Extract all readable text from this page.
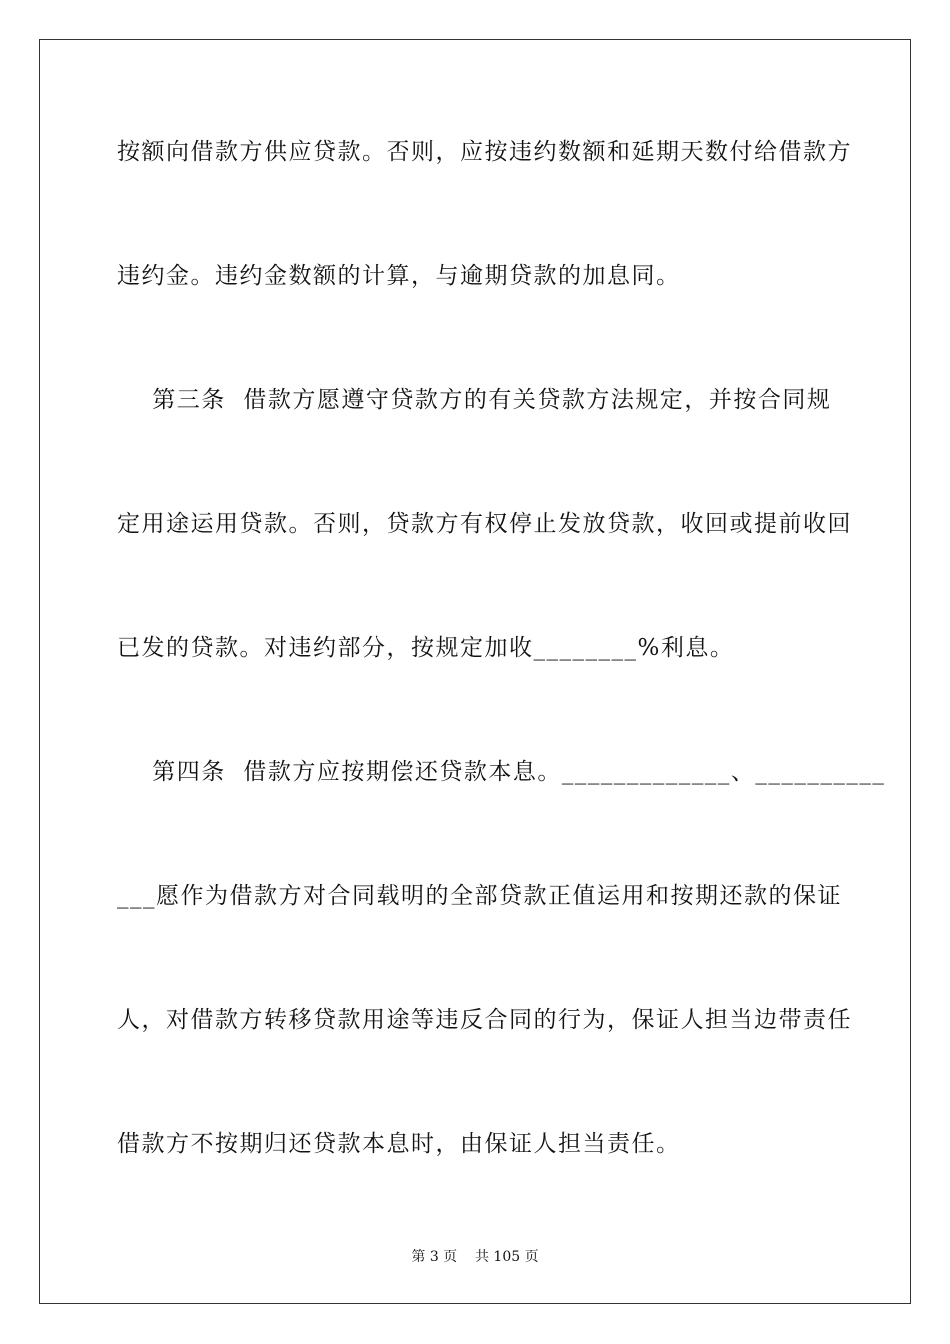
按额向借款方供应贷款。否则，应按违约数额和延期天数付给借款方
违约金。违约金数额的计算，与逾期贷款的加息同。
第三条  借款方愿遵守贷款方的有关贷款方法规定，并按合同规
定用途运用贷款。否则，贷款方有权停止发放贷款，收回或提前收回
已发的贷款。对违约部分，按规定加收________%利息。
第四条  借款方应按期偿还贷款本息。_____________、__________
___愿作为借款方对合同载明的全部贷款正值运用和按期还款的保证
人，对借款方转移贷款用途等违反合同的行为，保证人担当边带责任
借款方不按期归还贷款本息时，由保证人担当责任。
第 3 页    共 105 页
